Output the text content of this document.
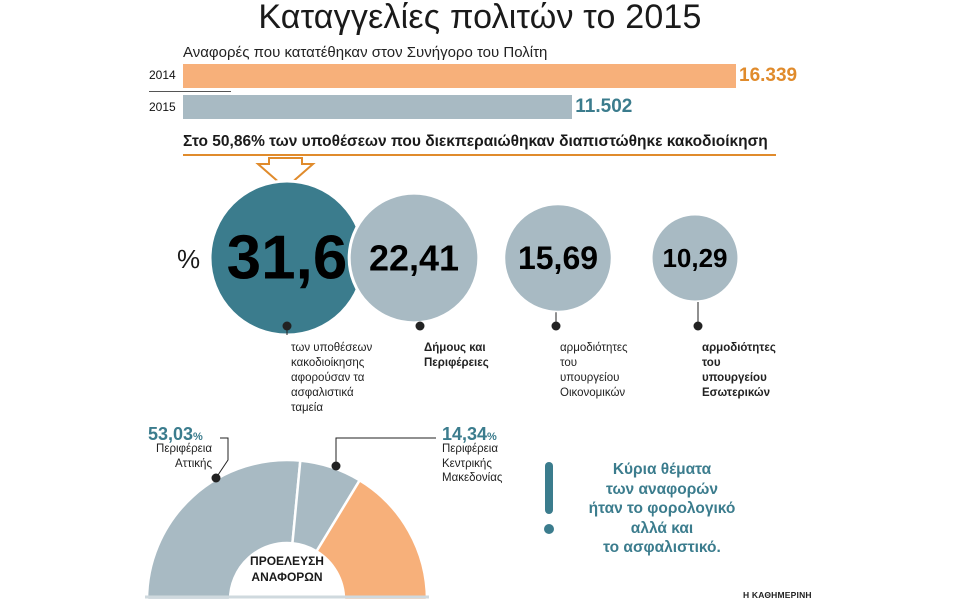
Καταγγελίες πολιτών το 2015
Αναφορές που κατατέθηκαν στον Συνήγορο του Πολίτη
2014	16.339
2015	11.502
Στο 50,86% των υποθέσεων που διεκπεραιώθηκαν διαπιστώθηκε κακοδιοίκηση
% 31,6 22,41 15,69 10,29
των υποθέσεων
κακοδιοίκησης
αφορούσαν τα
ασφαλιστικά
ταμεία
Δήμους και
Περιφέρειες
αρμοδιότητες
του
υπουργείου
Οικονομικών
αρμοδιότητες
του
υπουργείου
Εσωτερικών
ΠΡΟΕΛΕΥΣΗ
ΑΝΑΦΟΡΩΝ
53,03%
Περιφέρεια
Αττικής
14,34%
Περιφέρεια
Κεντρικής
Μακεδονίας	Κύρια θέματα
των αναφορών
ήταν το φορολογικό
αλλά και
το ασφαλιστικό.
Η ΚΑΘΗΜΕΡΙΝΗ
